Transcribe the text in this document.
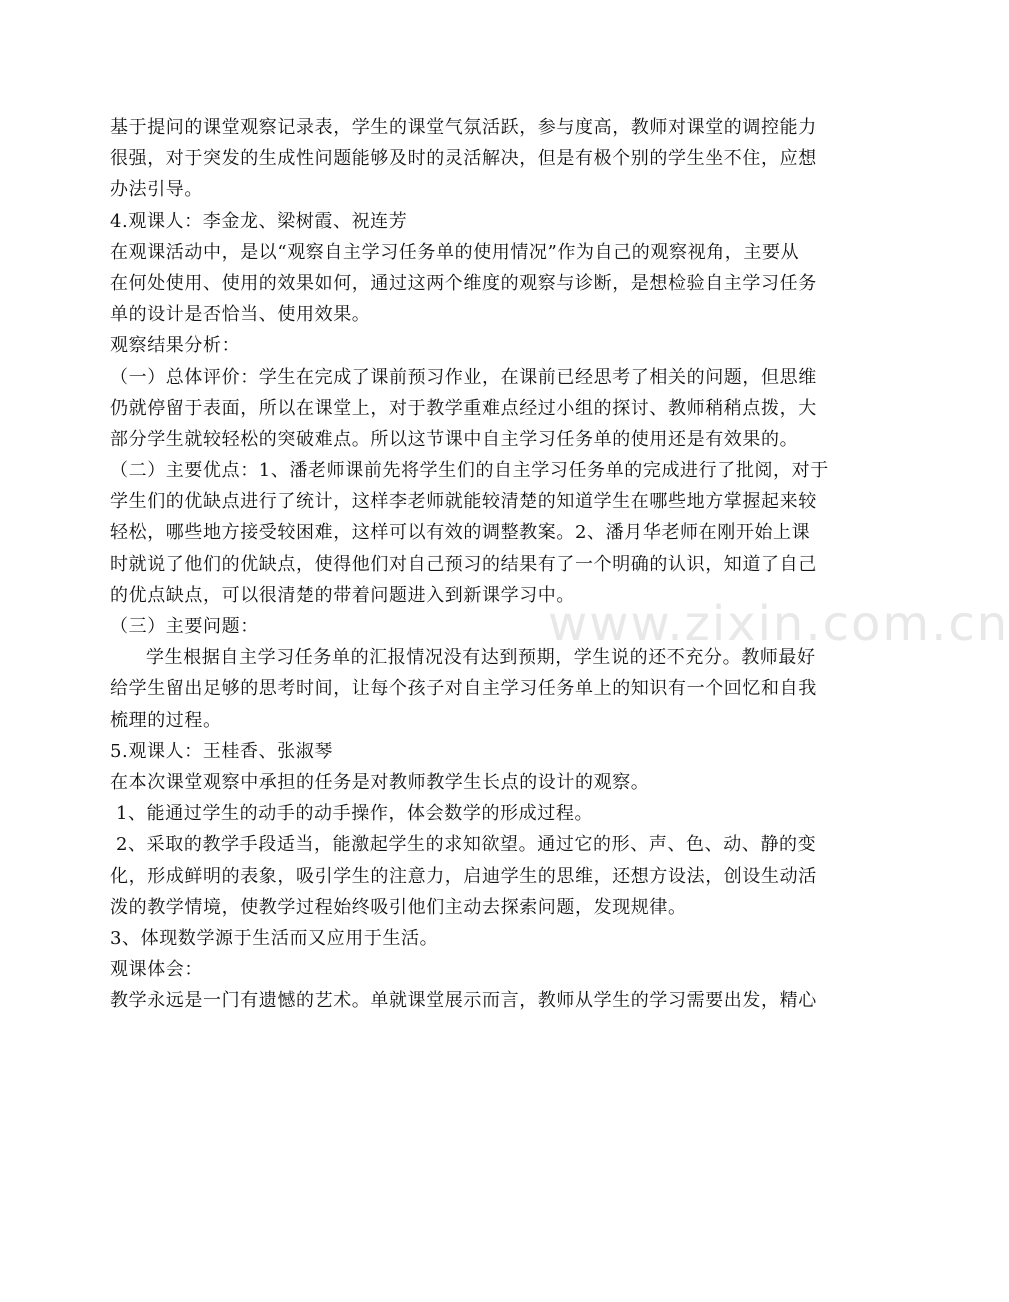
基于提问的课堂观察记录表，学生的课堂气氛活跃，参与度高，教师对课堂的调控能力
很强，对于突发的生成性问题能够及时的灵活解决，但是有极个别的学生坐不住，应想
办法引导。
4.观课人：李金龙、梁树霞、祝连芳
在观课活动中，是以“观察自主学习任务单的使用情况”作为自己的观察视角，主要从
在何处使用、使用的效果如何，通过这两个维度的观察与诊断，是想检验自主学习任务
单的设计是否恰当、使用效果。
观察结果分析：
（一）总体评价：学生在完成了课前预习作业，在课前已经思考了相关的问题，但思维
仍就停留于表面，所以在课堂上，对于教学重难点经过小组的探讨、教师稍稍点拨，大
部分学生就较轻松的突破难点。所以这节课中自主学习任务单的使用还是有效果的。
（二）主要优点：1、潘老师课前先将学生们的自主学习任务单的完成进行了批阅，对于
学生们的优缺点进行了统计，这样李老师就能较清楚的知道学生在哪些地方掌握起来较
轻松，哪些地方接受较困难，这样可以有效的调整教案。2、潘月华老师在刚开始上课
时就说了他们的优缺点，使得他们对自己预习的结果有了一个明确的认识，知道了自己
的优点缺点，可以很清楚的带着问题进入到新课学习中。
（三）主要问题：
学生根据自主学习任务单的汇报情况没有达到预期，学生说的还不充分。教师最好
给学生留出足够的思考时间，让每个孩子对自主学习任务单上的知识有一个回忆和自我
梳理的过程。
5.观课人：王桂香、张淑琴
在本次课堂观察中承担的任务是对教师教学生长点的设计的观察。
1、能通过学生的动手的动手操作，体会数学的形成过程。
2、采取的教学手段适当，能激起学生的求知欲望。通过它的形、声、色、动、静的变
化，形成鲜明的表象，吸引学生的注意力，启迪学生的思维，还想方设法，创设生动活
泼的教学情境，使教学过程始终吸引他们主动去探索问题，发现规律。
3、体现数学源于生活而又应用于生活。
观课体会：
教学永远是一门有遗憾的艺术。单就课堂展示而言，教师从学生的学习需要出发，精心
www.zixin.com.cn
